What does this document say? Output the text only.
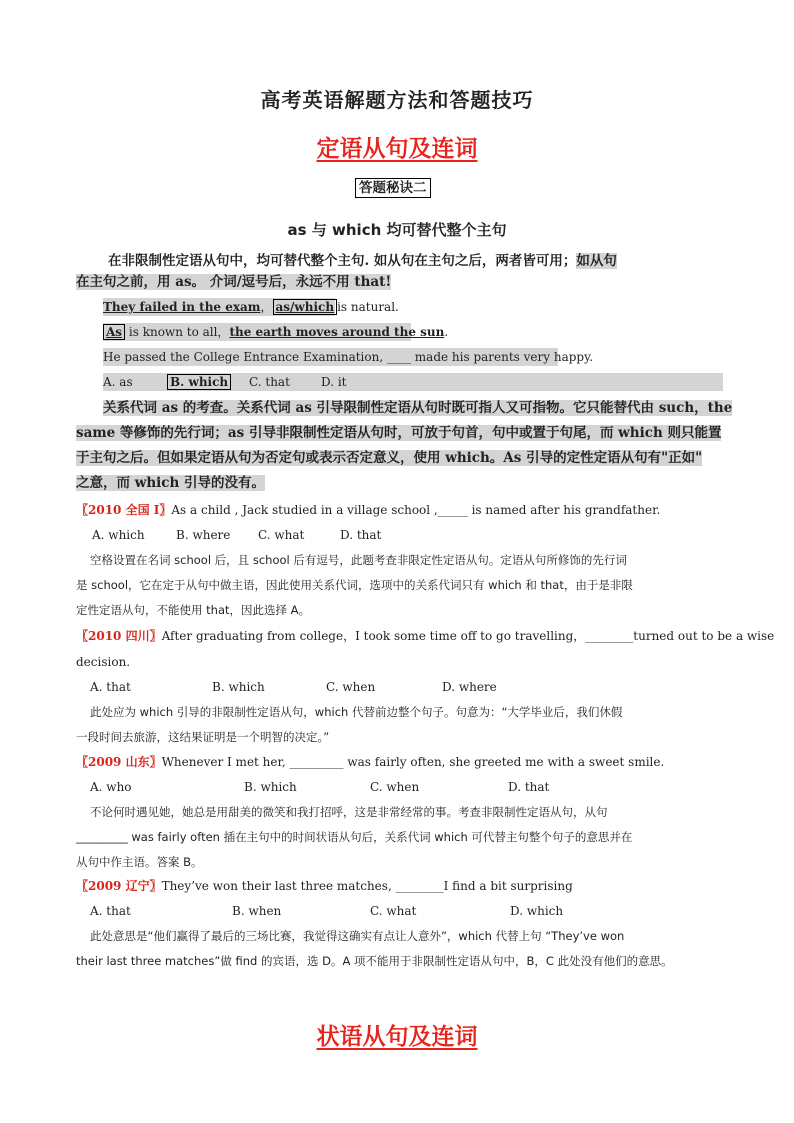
高考英语解题方法和答题技巧
定语从句及连词
答题秘诀二
as 与 which 均可替代整个主句
在非限制性定语从句中，均可替代整个主句. 如从句在主句之后，两者皆可用；如从句
在主句之前，用 as。 介词/逗号后，永远不用 that!
They failed in the exam， as/which is natural.
As is known to all，the earth moves around the sun.
He passed the College Entrance Examination, ____ made his parents very happy.
A. as	B. which C. that	D. it
关系代词 as 的考查。关系代词 as 引导限制性定语从句时既可指人又可指物。它只能替代由 such，the
same 等修饰的先行词；as 引导非限制性定语从句时，可放于句首，句中或置于句尾，而 which 则只能置
于主句之后。但如果定语从句为否定句或表示否定意义，使用 which。As 引导的定性定语从句有"正如"
之意，而 which 引导的没有。
〖2010 全国 I〗As a child , Jack studied in a village school ,_____ is named after his grandfather.
A. which	B. where C. what	D. that
空格设置在名词 school 后，且 school 后有逗号，此题考查非限定性定语从句。定语从句所修饰的先行词
是 school，它在定于从句中做主语，因此使用关系代词，选项中的关系代词只有 which 和 that，由于是非限
定性定语从句，不能使用 that，因此选择 A。
〖2010 四川〗After graduating from college，I took some time off to go travelling，________turned out to be a wise
decision.
A. that	B. which	C. when	D. where
此处应为 which 引导的非限制性定语从句，which 代替前边整个句子。句意为：“大学毕业后，我们休假
一段时间去旅游，这结果证明是一个明智的决定。”
〖2009 山东〗Whenever I met her, _________ was fairly often, she greeted me with a sweet smile.
A. who	B. which	C. when	D. that
不论何时遇见她，她总是用甜美的微笑和我打招呼，这是非常经常的事。考查非限制性定语从句，从句
_________ was fairly often 插在主句中的时间状语从句后，关系代词 which 可代替主句整个句子的意思并在
从句中作主语。答案 B。
〖2009 辽宁〗They’ve won their last three matches, ________I find a bit surprising
A. that	B. when	C. what	D. which
此处意思是“他们赢得了最后的三场比赛，我觉得这确实有点让人意外”，which 代替上句 “They’ve won
their last three matches”做 find 的宾语，选 D。A 项不能用于非限制性定语从句中，B，C 此处没有他们的意思。
状语从句及连词
